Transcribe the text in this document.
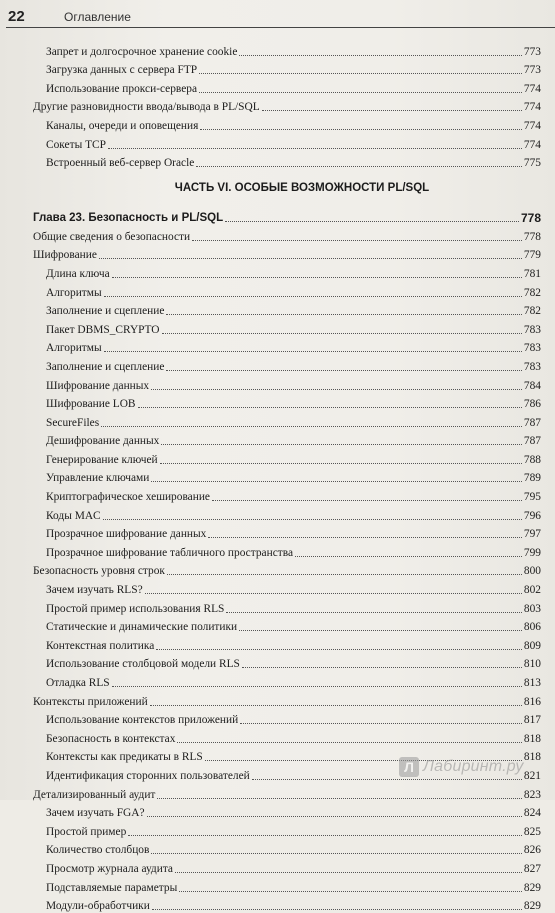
22	Оглавление
Запрет и долгосрочное хранение cookie	773
Загрузка данных с сервера FTP	773
Использование прокси-сервера	774
Другие разновидности ввода/вывода в PL/SQL	774
Каналы, очереди и оповещения	774
Сокеты TCP	774
Встроенный веб-сервер Oracle	775
ЧАСТЬ VI. ОСОБЫЕ ВОЗМОЖНОСТИ PL/SQL
Глава 23. Безопасность и PL/SQL	778
Общие сведения о безопасности	778
Шифрование	779
Длина ключа	781
Алгоритмы	782
Заполнение и сцепление	782
Пакет DBMS_CRYPTO	783
Алгоритмы	783
Заполнение и сцепление	783
Шифрование данных	784
Шифрование LOB	786
SecureFiles	787
Дешифрование данных	787
Генерирование ключей	788
Управление ключами	789
Криптографическое хеширование	795
Коды MAC	796
Прозрачное шифрование данных	797
Прозрачное шифрование табличного пространства	799
Безопасность уровня строк	800
Зачем изучать RLS?	802
Простой пример использования RLS	803
Статические и динамические политики	806
Контекстная политика	809
Использование столбцовой модели RLS	810
Отладка RLS	813
Контексты приложений	816
Использование контекстов приложений	817
Безопасность в контекстах	818
Контексты как предикаты в RLS	818
Идентификация сторонних пользователей	821
Детализированный аудит	823
Зачем изучать FGA?	824
Простой пример	825
Количество столбцов	826
Просмотр журнала аудита	827
Подставляемые параметры	829
Модули-обработчики	829
Л Лабиринт.ру
